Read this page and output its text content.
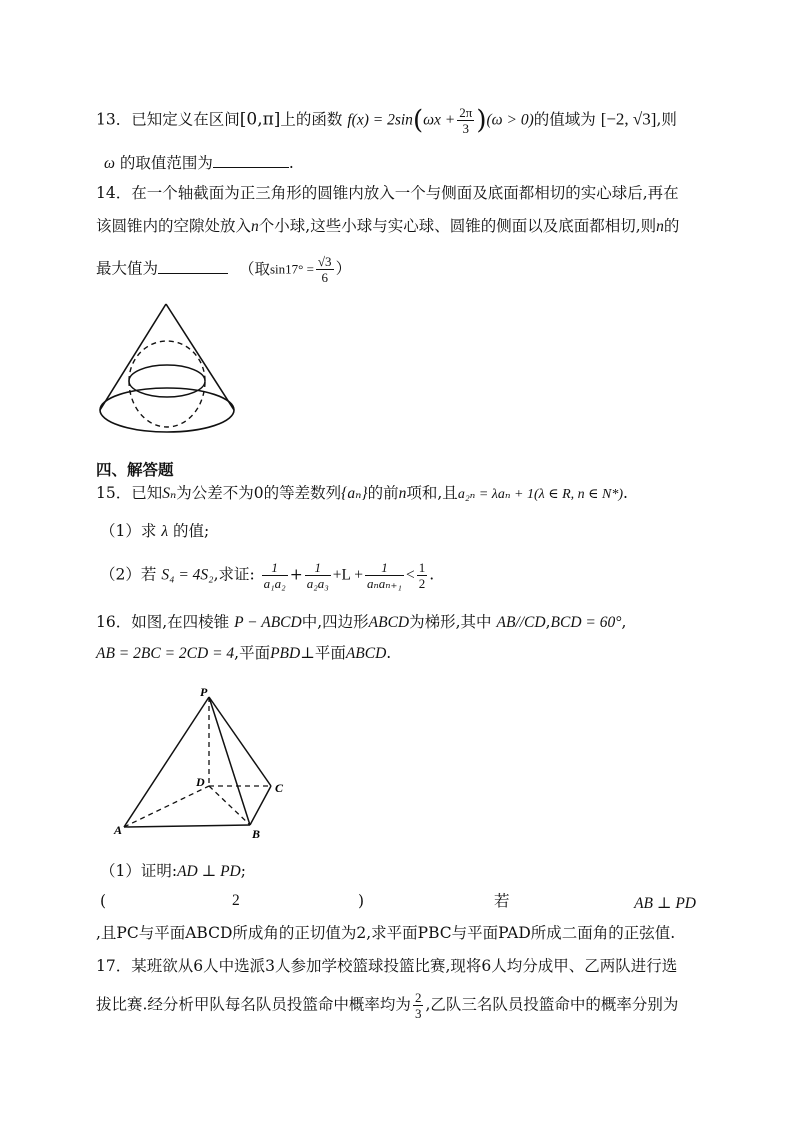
13．已知定义在区间[0,π]上的函数 $f(x) = 2\sin(\omega x + \frac{2\pi}{3} )(\omega > 0)$的值域为 [−2, √3],则
ω 的取值范围为	.
14．在一个轴截面为正三角形的圆锥内放入一个与侧面及底面都相切的实心球后,再在
该圆锥内的空隙处放入n个小球,这些小球与实心球、圆锥的侧面以及底面都相切,则n的
最大值为	（取$\sin 17^\circ = \frac{√3}{6}$ ）
四、解答题
15．已知Sₙ为公差不为0的等差数列{aₙ}的前n项和,且a₂ₙ = λaₙ + 1(λ ∈ R, n ∈ N*).
（1）求 λ 的值;
（2）若 S₄ = 4S₂,求证: $\frac{1}{\text{a₁a₂}} + \frac{1}{\text{a₂a₃}} +L + \frac{1}{\text{aₙaₙ₊₁}} < \frac{1}{2}$ .
16．如图,在四棱锥 P − ABCD中,四边形ABCD为梯形,其中 AB//CD,BCD = 60°,
AB = 2BC = 2CD = 4,平面PBD⊥平面ABCD.
P
D	C
A	B
（1）证明:AD ⊥ PD;
(	2	)	若	AB ⊥ PD
,且PC与平面ABCD所成角的正切值为2,求平面PBC与平面PAD所成二面角的正弦值.
17．某班欲从6人中选派3人参加学校篮球投篮比赛,现将6人均分成甲、乙两队进行选
拔比赛.经分析甲队每名队员投篮命中概率均为 $\frac{2}{3}$ ,乙队三名队员投篮命中的概率分别为
